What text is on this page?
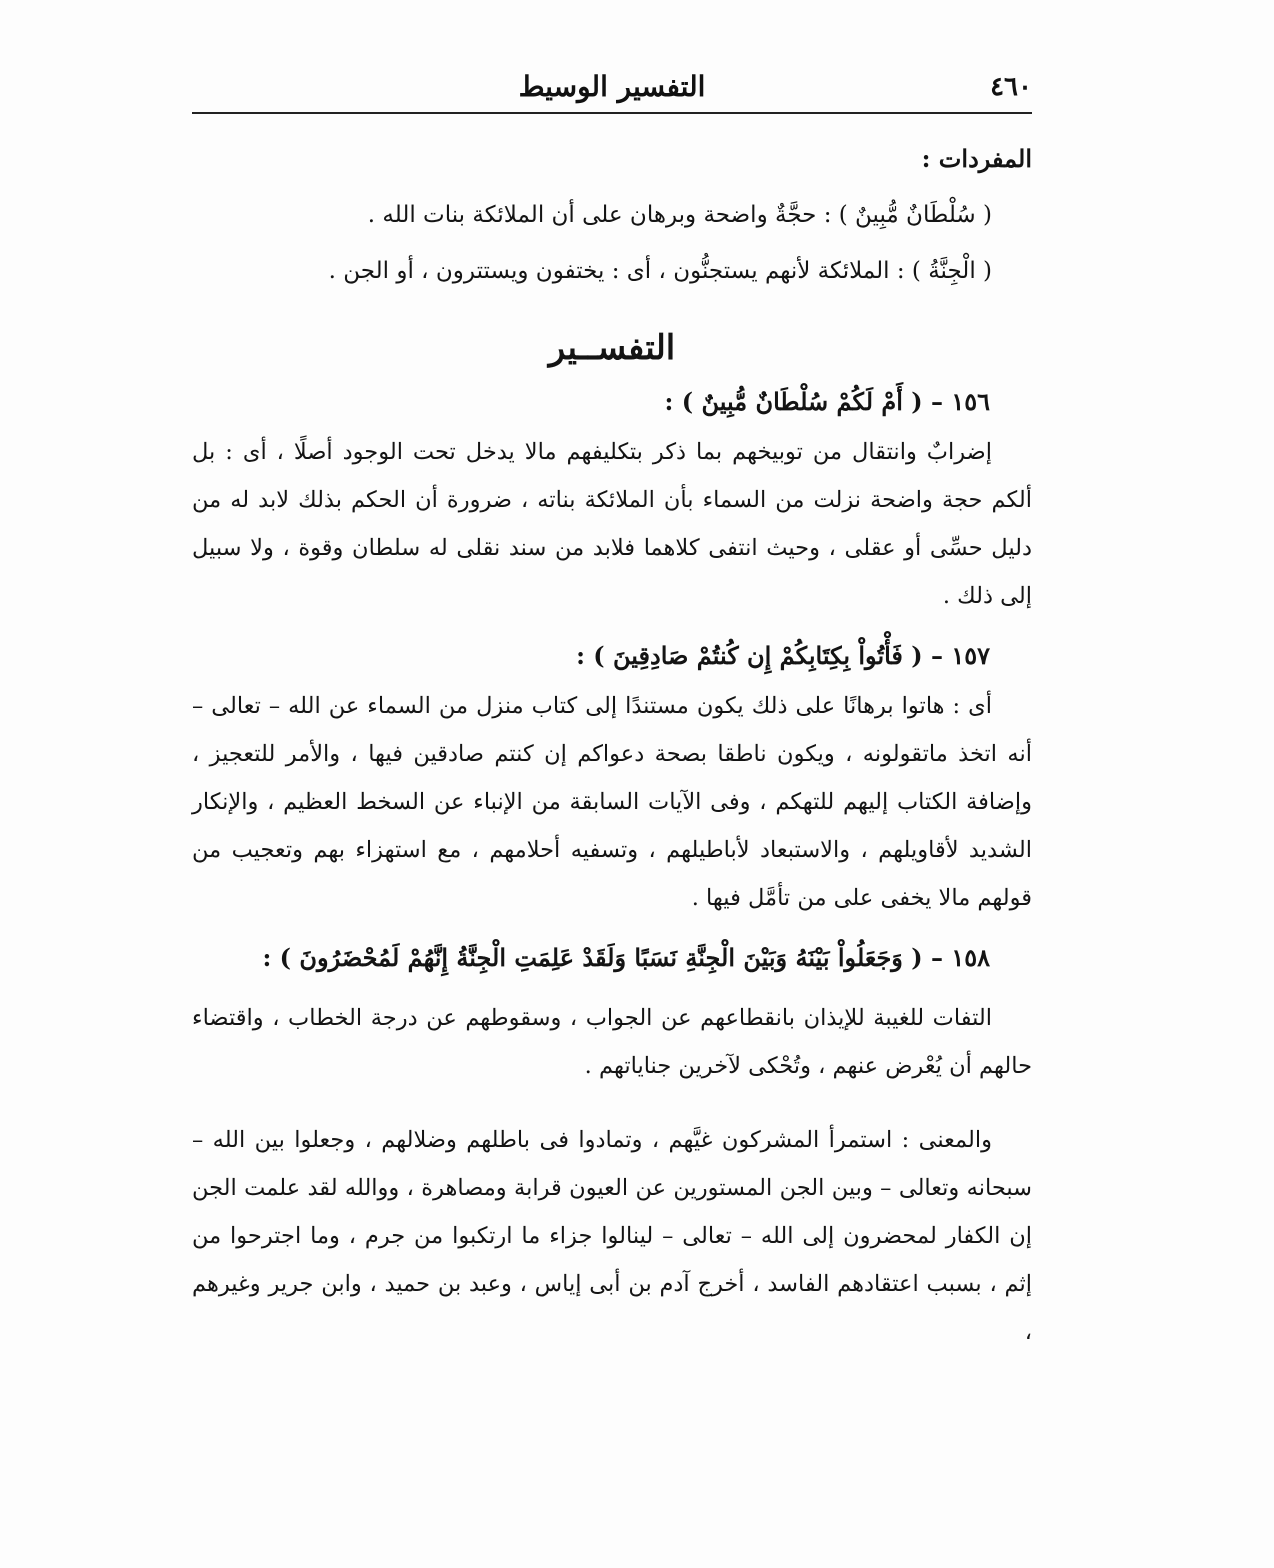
التفسير الوسيط	٤٦٠
المفردات :
( سُلْطَانٌ مُّبِينٌ ) : حجَّةٌ واضحة وبرهان على أن الملائكة بنات الله .
( الْجِنَّةُ ) : الملائكة لأنهم يستجنُّون ، أى : يختفون ويستترون ، أو الجن .
التفســير
١٥٦ – ( أَمْ لَكُمْ سُلْطَانٌ مُّبِينٌ ) :
إضرابٌ وانتقال من توبيخهم بما ذكر بتكليفهم مالا يدخل تحت الوجود أصلًا ، أى : بل ألكم حجة واضحة نزلت من السماء بأن الملائكة بناته ، ضرورة أن الحكم بذلك لابد له من دليل حسِّى أو عقلى ، وحيث انتفى كلاهما فلابد من سند نقلى له سلطان وقوة ، ولا سبيل إلى ذلك .
١٥٧ – ( فَأْتُواْ بِكِتَابِكُمْ إِن كُنتُمْ صَادِقِينَ ) :
أى : هاتوا برهانًا على ذلك يكون مستندًا إلى كتاب منزل من السماء عن الله – تعالى – أنه اتخذ ماتقولونه ، ويكون ناطقا بصحة دعواكم إن كنتم صادقين فيها ، والأمر للتعجيز ، وإضافة الكتاب إليهم للتهكم ، وفى الآيات السابقة من الإنباء عن السخط العظيم ، والإنكار الشديد لأقاويلهم ، والاستبعاد لأباطيلهم ، وتسفيه أحلامهم ، مع استهزاء بهم وتعجيب من قولهم مالا يخفى على من تأمَّل فيها .
١٥٨ – ( وَجَعَلُواْ بَيْنَهُ وَبَيْنَ الْجِنَّةِ نَسَبًا وَلَقَدْ عَلِمَتِ الْجِنَّةُ إِنَّهُمْ لَمُحْضَرُونَ ) :
التفات للغيبة للإيذان بانقطاعهم عن الجواب ، وسقوطهم عن درجة الخطاب ، واقتضاء حالهم أن يُعْرض عنهم ، وتُحْكى لآخرين جناياتهم .
والمعنى : استمرأ المشركون غيَّهم ، وتمادوا فى باطلهم وضلالهم ، وجعلوا بين الله – سبحانه وتعالى – وبين الجن المستورين عن العيون قرابة ومصاهرة ، ووالله لقد علمت الجن إن الكفار لمحضرون إلى الله – تعالى – لينالوا جزاء ما ارتكبوا من جرم ، وما اجترحوا من إثم ، بسبب اعتقادهم الفاسد ، أخرج آدم بن أبى إياس ، وعبد بن حميد ، وابن جرير وغيرهم ،
